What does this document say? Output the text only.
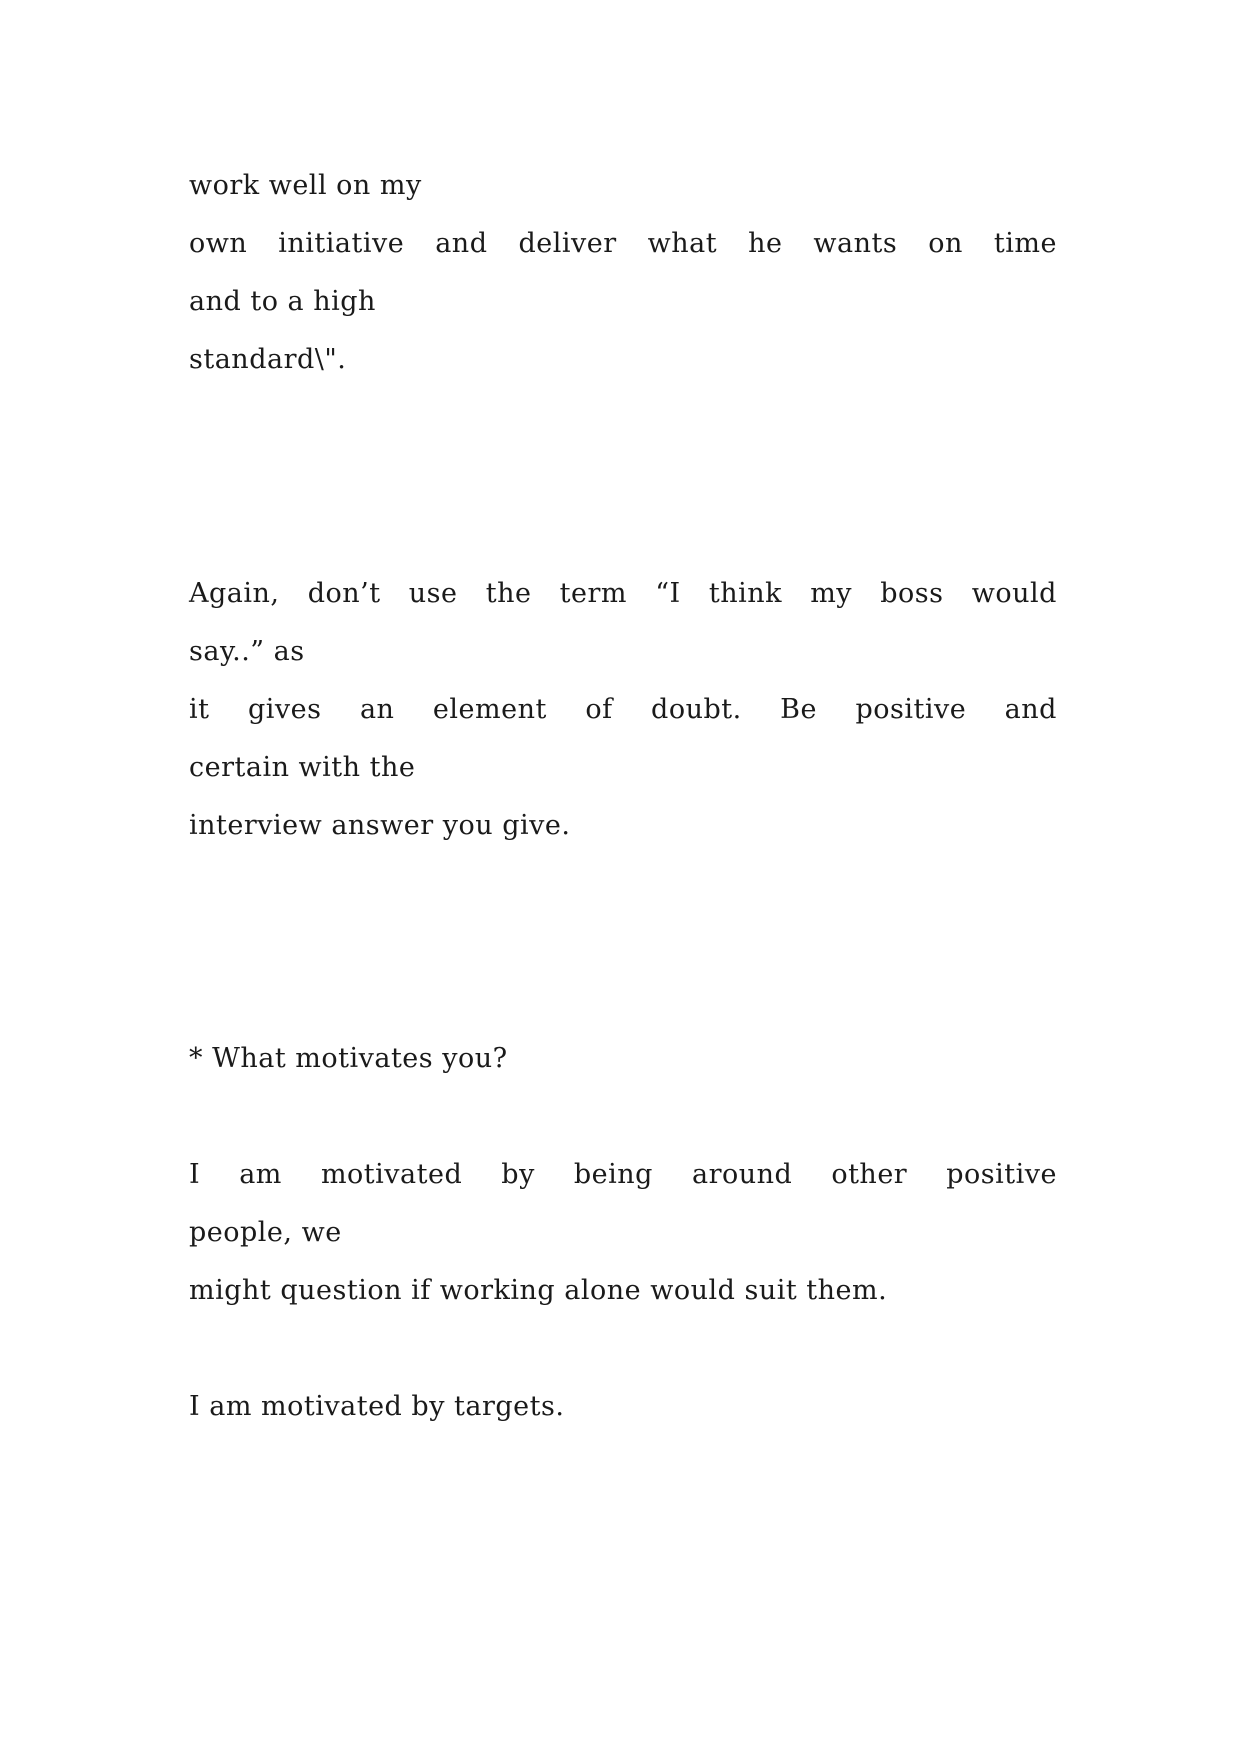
work well on my
own initiative and deliver what he wants on time
and to a high
standard\".
Again, don’t use the term “I think my boss would
say..” as
it gives an element of doubt. Be positive and
certain with the
interview answer you give.
* What motivates you?
I am motivated by being around other positive
people, we
might question if working alone would suit them.
I am motivated by targets.
